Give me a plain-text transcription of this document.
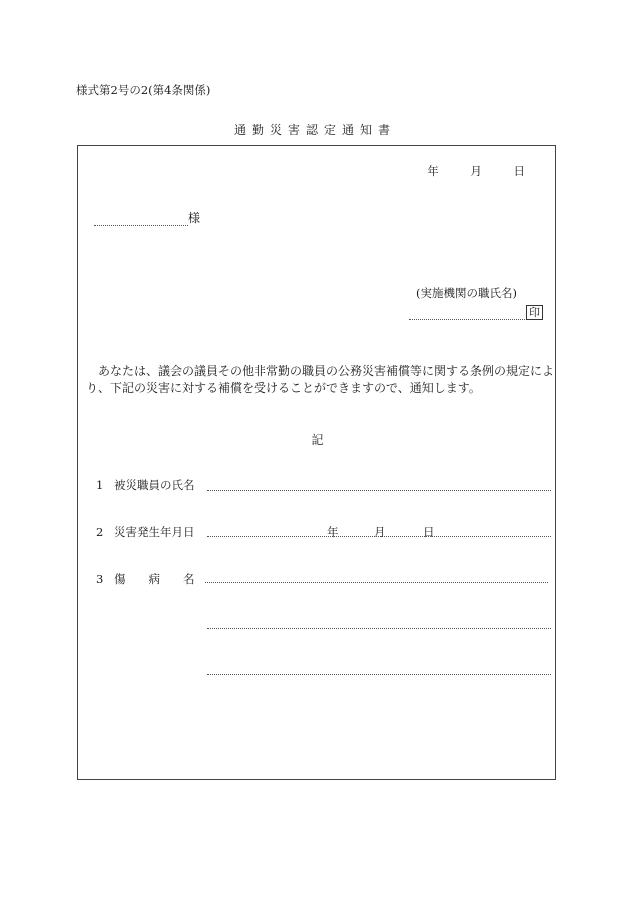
様式第2号の2(第4条関係)
通勤災害認定通知書
年	月	日
様
(実施機関の職氏名)
印
あなたは、議会の議員その他非常勤の職員の公務災害補償等に関する条例の規定により、下記の災害に対する補償を受けることができますので、通知します。
記
1 被災職員の氏名
2 災害発生年月日	年	月	日
3 傷　　病　　名
